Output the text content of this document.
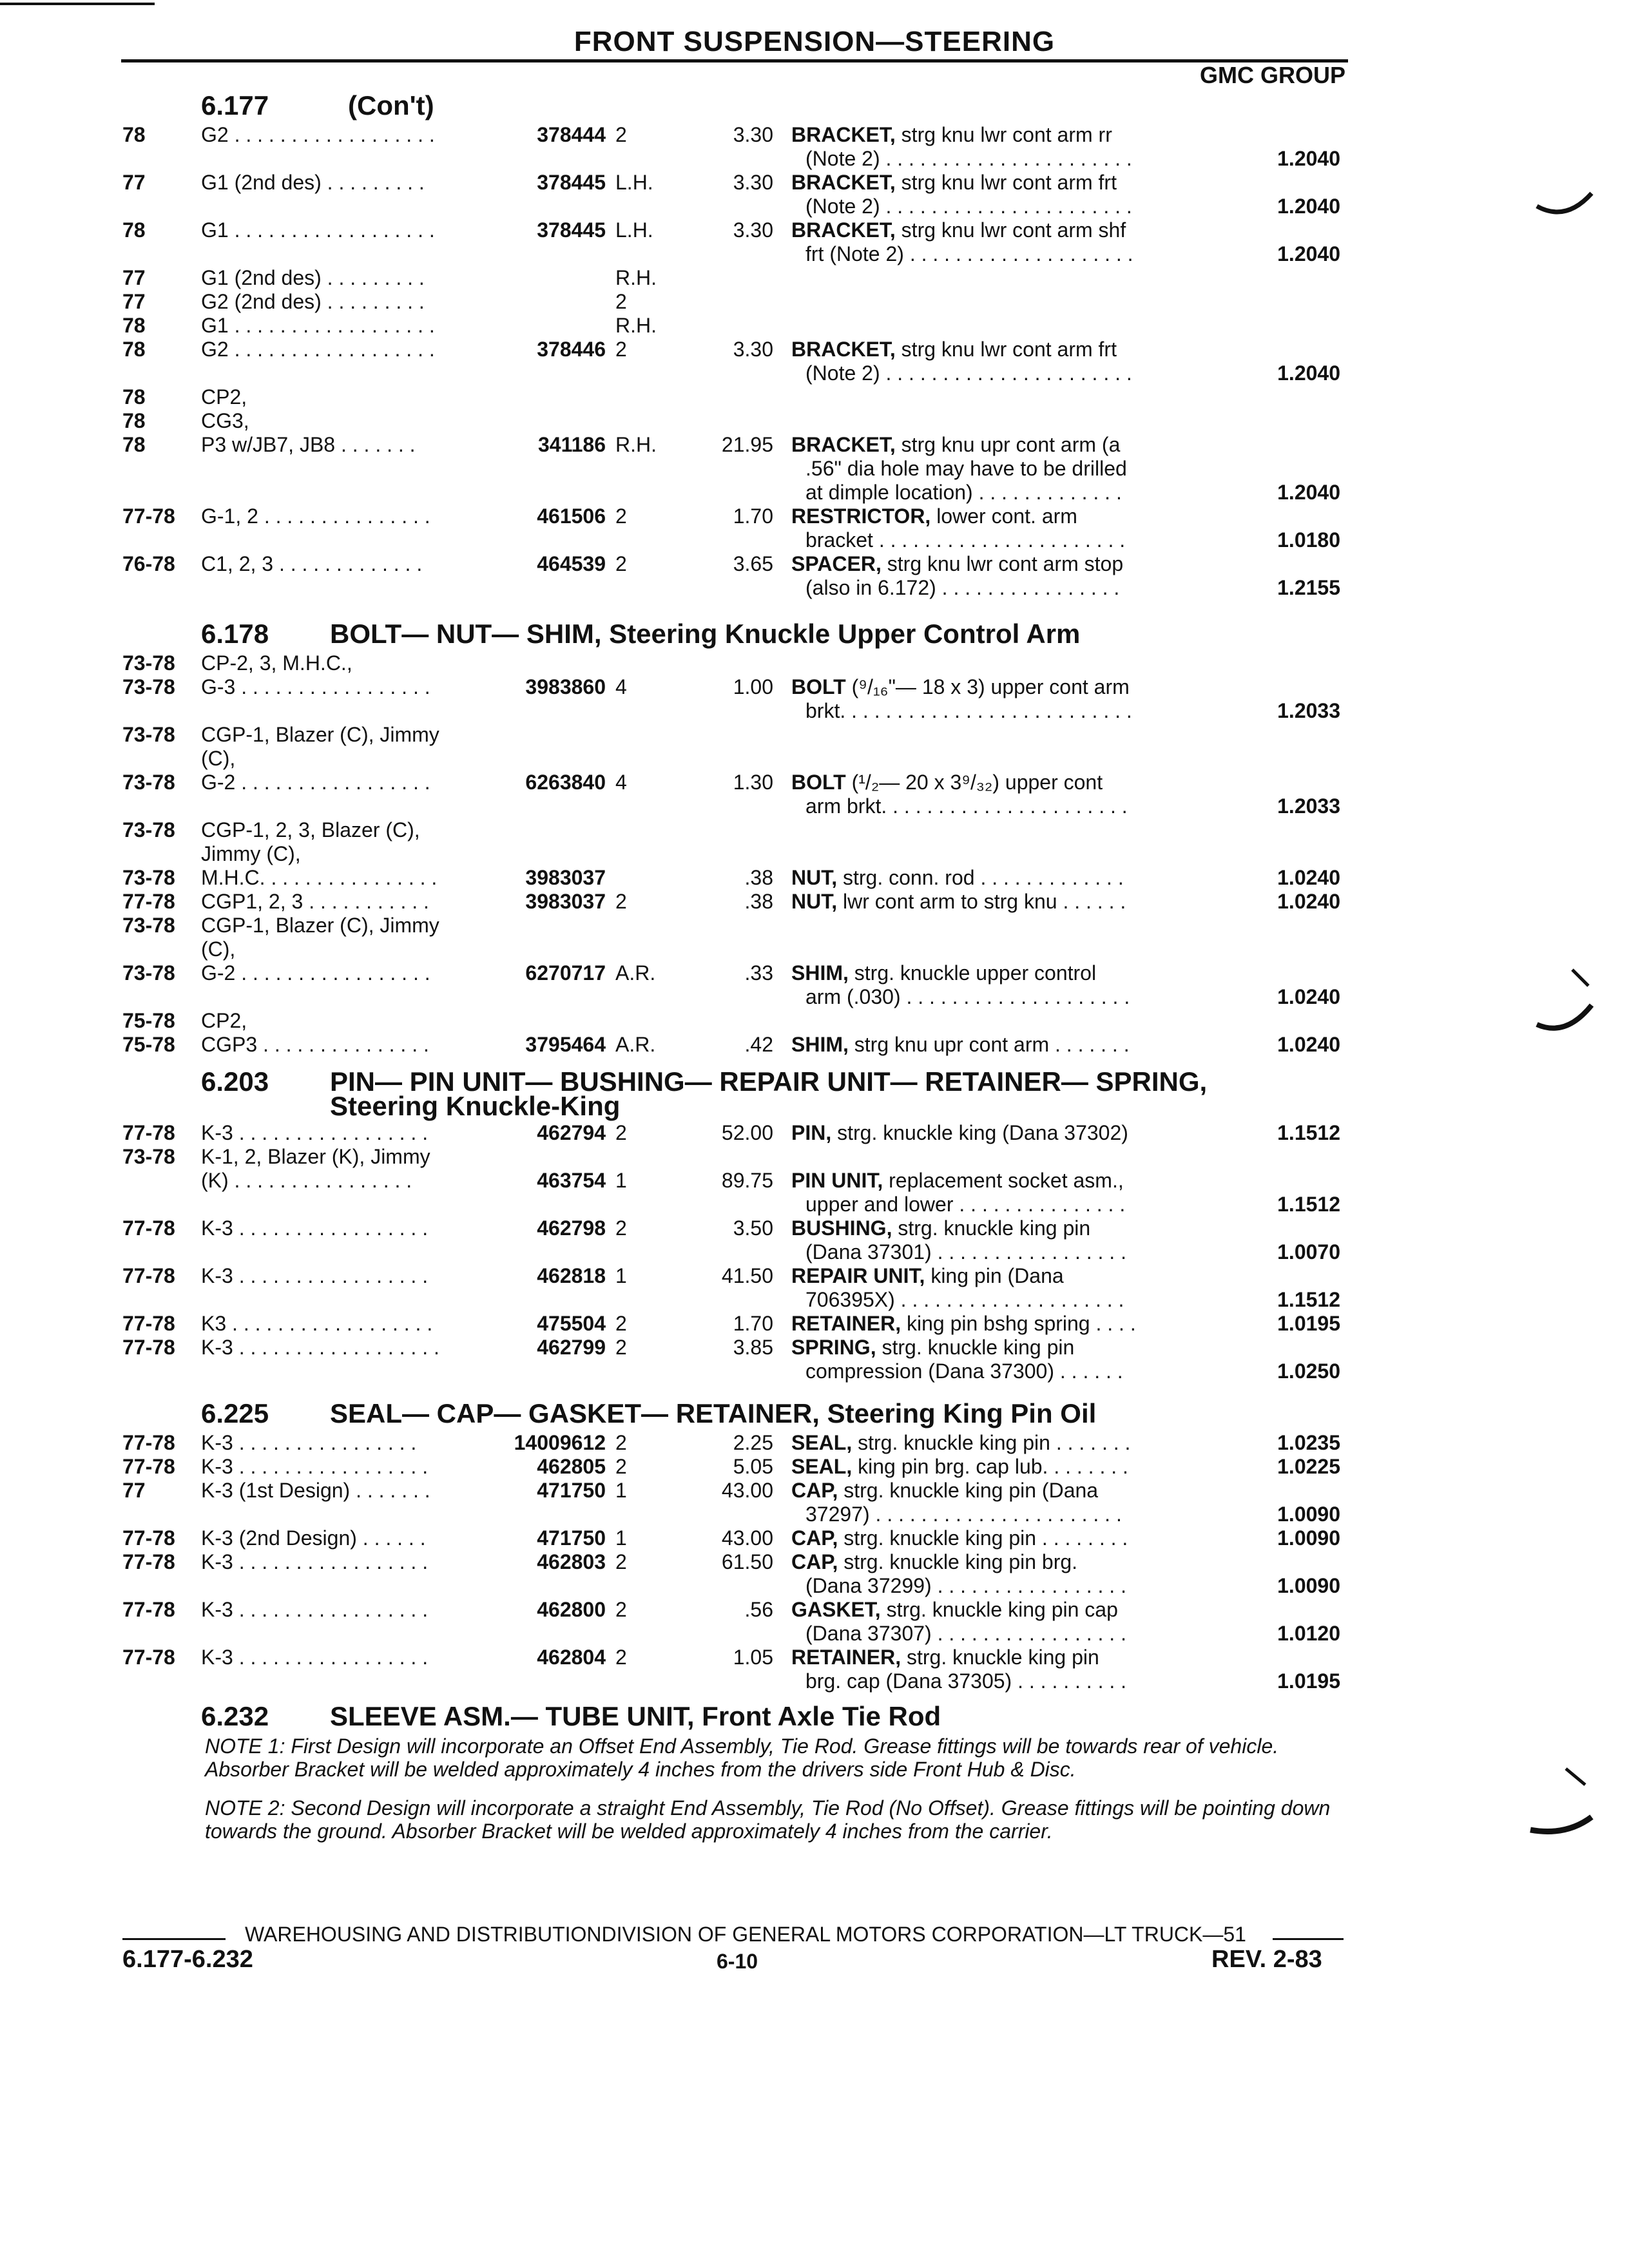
FRONT SUSPENSION—STEERING
GMC GROUP
6.177	(Con't)
78	G2 . . . . . . . . . . . . . . . . . .	378444 2	3.30 BRACKET, strg knu lwr cont arm rr
(Note 2) . . . . . . . . . . . . . . . . . . . . . .	1.2040
77	G1 (2nd des) . . . . . . . . .	378445 L.H.	3.30 BRACKET, strg knu lwr cont arm frt
(Note 2) . . . . . . . . . . . . . . . . . . . . . .	1.2040
78	G1 . . . . . . . . . . . . . . . . . .	378445 L.H.	3.30 BRACKET, strg knu lwr cont arm shf
frt (Note 2) . . . . . . . . . . . . . . . . . . . .	1.2040
77	G1 (2nd des) . . . . . . . . .	R.H.
77	G2 (2nd des) . . . . . . . . .	2
78	G1 . . . . . . . . . . . . . . . . . .	R.H.
78	G2 . . . . . . . . . . . . . . . . . .	378446 2	3.30 BRACKET, strg knu lwr cont arm frt
(Note 2) . . . . . . . . . . . . . . . . . . . . . .	1.2040
78	CP2,
78	CG3,
78	P3 w/JB7, JB8 . . . . . . .	341186 R.H.	21.95 BRACKET, strg knu upr cont arm (a
.56" dia hole may have to be drilled
at dimple location) . . . . . . . . . . . . .	1.2040
77-78 G-1, 2 . . . . . . . . . . . . . . .	461506 2	1.70 RESTRICTOR, lower cont. arm
bracket . . . . . . . . . . . . . . . . . . . . . .	1.0180
76-78 C1, 2, 3 . . . . . . . . . . . . .	464539 2	3.65 SPACER, strg knu lwr cont arm stop
(also in 6.172) . . . . . . . . . . . . . . . .	1.2155
6.178 BOLT— NUT— SHIM, Steering Knuckle Upper Control Arm
73-78 CP-2, 3, M.H.C.,
73-78 G-3 . . . . . . . . . . . . . . . . .	3983860 4	1.00 BOLT (⁹/₁₆"— 18 x 3) upper cont arm
brkt. . . . . . . . . . . . . . . . . . . . . . . . . .	1.2033
73-78 CGP-1, Blazer (C), Jimmy
(C),
73-78 G-2 . . . . . . . . . . . . . . . . .	6263840 4	1.30 BOLT (¹/₂— 20 x 3⁹/₃₂) upper cont
arm brkt. . . . . . . . . . . . . . . . . . . . . .	1.2033
73-78 CGP-1, 2, 3, Blazer (C),
Jimmy (C),
73-78 M.H.C. . . . . . . . . . . . . . . .	3983037	.38 NUT, strg. conn. rod . . . . . . . . . . . . .	1.0240
77-78 CGP1, 2, 3 . . . . . . . . . . .	3983037 2	.38 NUT, lwr cont arm to strg knu . . . . . .	1.0240
73-78 CGP-1, Blazer (C), Jimmy
(C),
73-78 G-2 . . . . . . . . . . . . . . . . .	6270717 A.R.	.33 SHIM, strg. knuckle upper control
arm (.030) . . . . . . . . . . . . . . . . . . . .	1.0240
75-78 CP2,
75-78 CGP3 . . . . . . . . . . . . . . .	3795464 A.R.	.42 SHIM, strg knu upr cont arm . . . . . . .	1.0240
6.203 PIN— PIN UNIT— BUSHING— REPAIR UNIT— RETAINER— SPRING,
Steering Knuckle-King
77-78 K-3 . . . . . . . . . . . . . . . . .	462794 2	52.00 PIN, strg. knuckle king (Dana 37302)	1.1512
73-78 K-1, 2, Blazer (K), Jimmy
(K) . . . . . . . . . . . . . . . .	463754 1	89.75 PIN UNIT, replacement socket asm.,
upper and lower . . . . . . . . . . . . . . .	1.1512
77-78 K-3 . . . . . . . . . . . . . . . . .	462798 2	3.50 BUSHING, strg. knuckle king pin
(Dana 37301) . . . . . . . . . . . . . . . . .	1.0070
77-78 K-3 . . . . . . . . . . . . . . . . .	462818 1	41.50 REPAIR UNIT, king pin (Dana
706395X) . . . . . . . . . . . . . . . . . . . .	1.1512
77-78 K3 . . . . . . . . . . . . . . . . . .	475504 2	1.70 RETAINER, king pin bshg spring . . . .	1.0195
77-78 K-3 . . . . . . . . . . . . . . . . . .	462799 2	3.85 SPRING, strg. knuckle king pin
compression (Dana 37300) . . . . . .	1.0250
6.225 SEAL— CAP— GASKET— RETAINER, Steering King Pin Oil
77-78 K-3 . . . . . . . . . . . . . . . .	14009612 2	2.25 SEAL, strg. knuckle king pin . . . . . . .	1.0235
77-78 K-3 . . . . . . . . . . . . . . . . .	462805 2	5.05 SEAL, king pin brg. cap lub. . . . . . . .	1.0225
77	K-3 (1st Design) . . . . . . .	471750 1	43.00 CAP, strg. knuckle king pin (Dana
37297) . . . . . . . . . . . . . . . . . . . . . .	1.0090
77-78 K-3 (2nd Design) . . . . . .	471750 1	43.00 CAP, strg. knuckle king pin . . . . . . . .	1.0090
77-78 K-3 . . . . . . . . . . . . . . . . .	462803 2	61.50 CAP, strg. knuckle king pin brg.
(Dana 37299) . . . . . . . . . . . . . . . . .	1.0090
77-78 K-3 . . . . . . . . . . . . . . . . .	462800 2	.56 GASKET, strg. knuckle king pin cap
(Dana 37307) . . . . . . . . . . . . . . . . .	1.0120
77-78 K-3 . . . . . . . . . . . . . . . . .	462804 2	1.05 RETAINER, strg. knuckle king pin
brg. cap (Dana 37305) . . . . . . . . . .	1.0195
6.232 SLEEVE ASM.— TUBE UNIT, Front Axle Tie Rod
NOTE 1: First Design will incorporate an Offset End Assembly, Tie Rod. Grease fittings will be towards rear of vehicle. Absorber Bracket will be welded approximately 4 inches from the drivers side Front Hub & Disc.
NOTE 2: Second Design will incorporate a straight End Assembly, Tie Rod (No Offset). Grease fittings will be pointing down towards the ground. Absorber Bracket will be welded approximately 4 inches from the carrier.
WAREHOUSING AND DISTRIBUTIONDIVISION OF GENERAL MOTORS CORPORATION—LT TRUCK—51
6.177-6.232	6-10	REV. 2-83
